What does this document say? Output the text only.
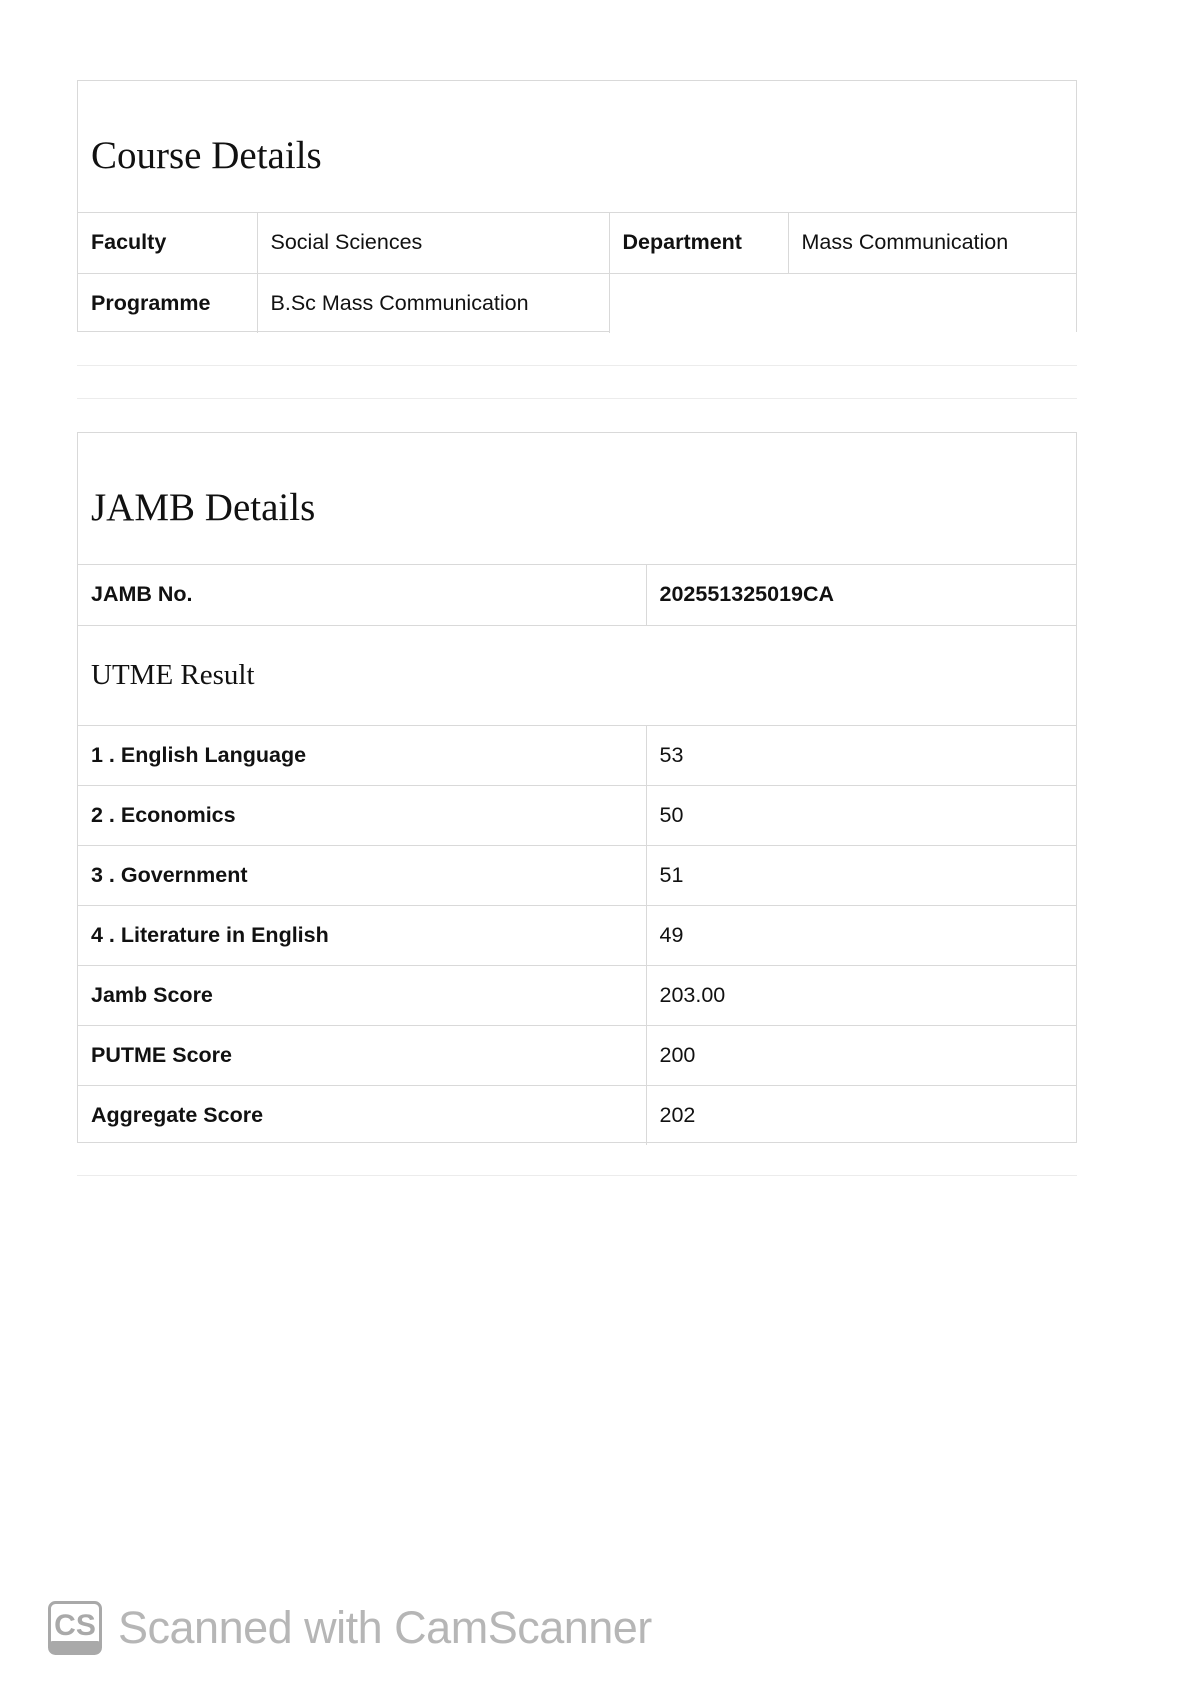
Course Details
Faculty	Social Sciences	Department	Mass Communication
Programme	B.Sc Mass Communication		
JAMB Details
JAMB No.	202551325019CA
UTME Result	
1 . English Language	53
2 . Economics	50
3 . Government	51
4 . Literature in English	49
Jamb Score	203.00
PUTME Score	200
Aggregate Score	202
CS Scanned with CamScanner
